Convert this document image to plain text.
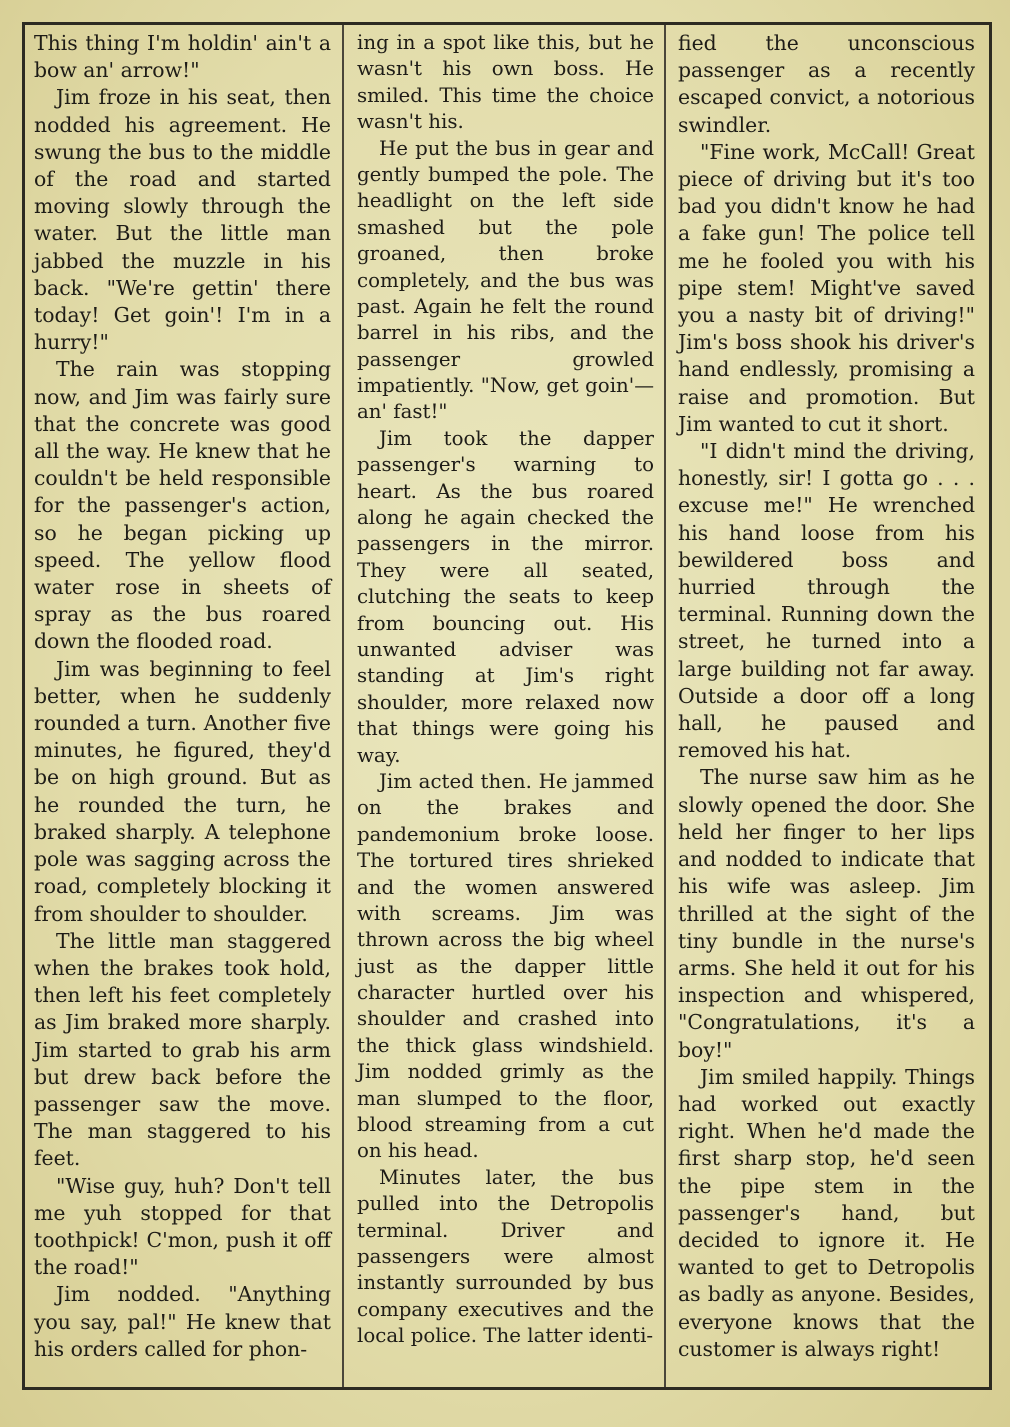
This thing I'm holdin' ain't a bow an' arrow!"

Jim froze in his seat, then nodded his agreement. He swung the bus to the middle of the road and started moving slowly through the water. But the little man jabbed the muzzle in his back. "We're gettin' there today! Get goin'! I'm in a hurry!"

The rain was stopping now, and Jim was fairly sure that the concrete was good all the way. He knew that he couldn't be held responsible for the passenger's action, so he began picking up speed. The yellow flood water rose in sheets of spray as the bus roared down the flooded road.

Jim was beginning to feel better, when he suddenly rounded a turn. Another five minutes, he figured, they'd be on high ground. But as he rounded the turn, he braked sharply. A telephone pole was sagging across the road, completely blocking it from shoulder to shoulder.

The little man staggered when the brakes took hold, then left his feet completely as Jim braked more sharply. Jim started to grab his arm but drew back before the passenger saw the move. The man staggered to his feet.

"Wise guy, huh? Don't tell me yuh stopped for that toothpick! C'mon, push it off the road!"

Jim nodded. "Anything you say, pal!" He knew that his orders called for phon-

ing in a spot like this, but he wasn't his own boss. He smiled. This time the choice wasn't his.

He put the bus in gear and gently bumped the pole. The headlight on the left side smashed but the pole groaned, then broke completely, and the bus was past. Again he felt the round barrel in his ribs, and the passenger growled impatiently. "Now, get goin'— an' fast!"

Jim took the dapper passenger's warning to heart. As the bus roared along he again checked the passengers in the mirror. They were all seated, clutching the seats to keep from bouncing out. His unwanted adviser was standing at Jim's right shoulder, more relaxed now that things were going his way.

Jim acted then. He jammed on the brakes and pandemonium broke loose. The tortured tires shrieked and the women answered with screams. Jim was thrown across the big wheel just as the dapper little character hurtled over his shoulder and crashed into the thick glass windshield. Jim nodded grimly as the man slumped to the floor, blood streaming from a cut on his head.

Minutes later, the bus pulled into the Detropolis terminal. Driver and passengers were almost instantly surrounded by bus company executives and the local police. The latter identi-

fied the unconscious passenger as a recently escaped convict, a notorious swindler.

"Fine work, McCall! Great piece of driving but it's too bad you didn't know he had a fake gun! The police tell me he fooled you with his pipe stem! Might've saved you a nasty bit of driving!" Jim's boss shook his driver's hand endlessly, promising a raise and promotion. But Jim wanted to cut it short.

"I didn't mind the driving, honestly, sir! I gotta go . . . excuse me!" He wrenched his hand loose from his bewildered boss and hurried through the terminal. Running down the street, he turned into a large building not far away. Outside a door off a long hall, he paused and removed his hat.

The nurse saw him as he slowly opened the door. She held her finger to her lips and nodded to indicate that his wife was asleep. Jim thrilled at the sight of the tiny bundle in the nurse's arms. She held it out for his inspection and whispered, "Congratulations, it's a boy!"

Jim smiled happily. Things had worked out exactly right. When he'd made the first sharp stop, he'd seen the pipe stem in the passenger's hand, but decided to ignore it. He wanted to get to Detropolis as badly as anyone. Besides, everyone knows that the customer is always right!
